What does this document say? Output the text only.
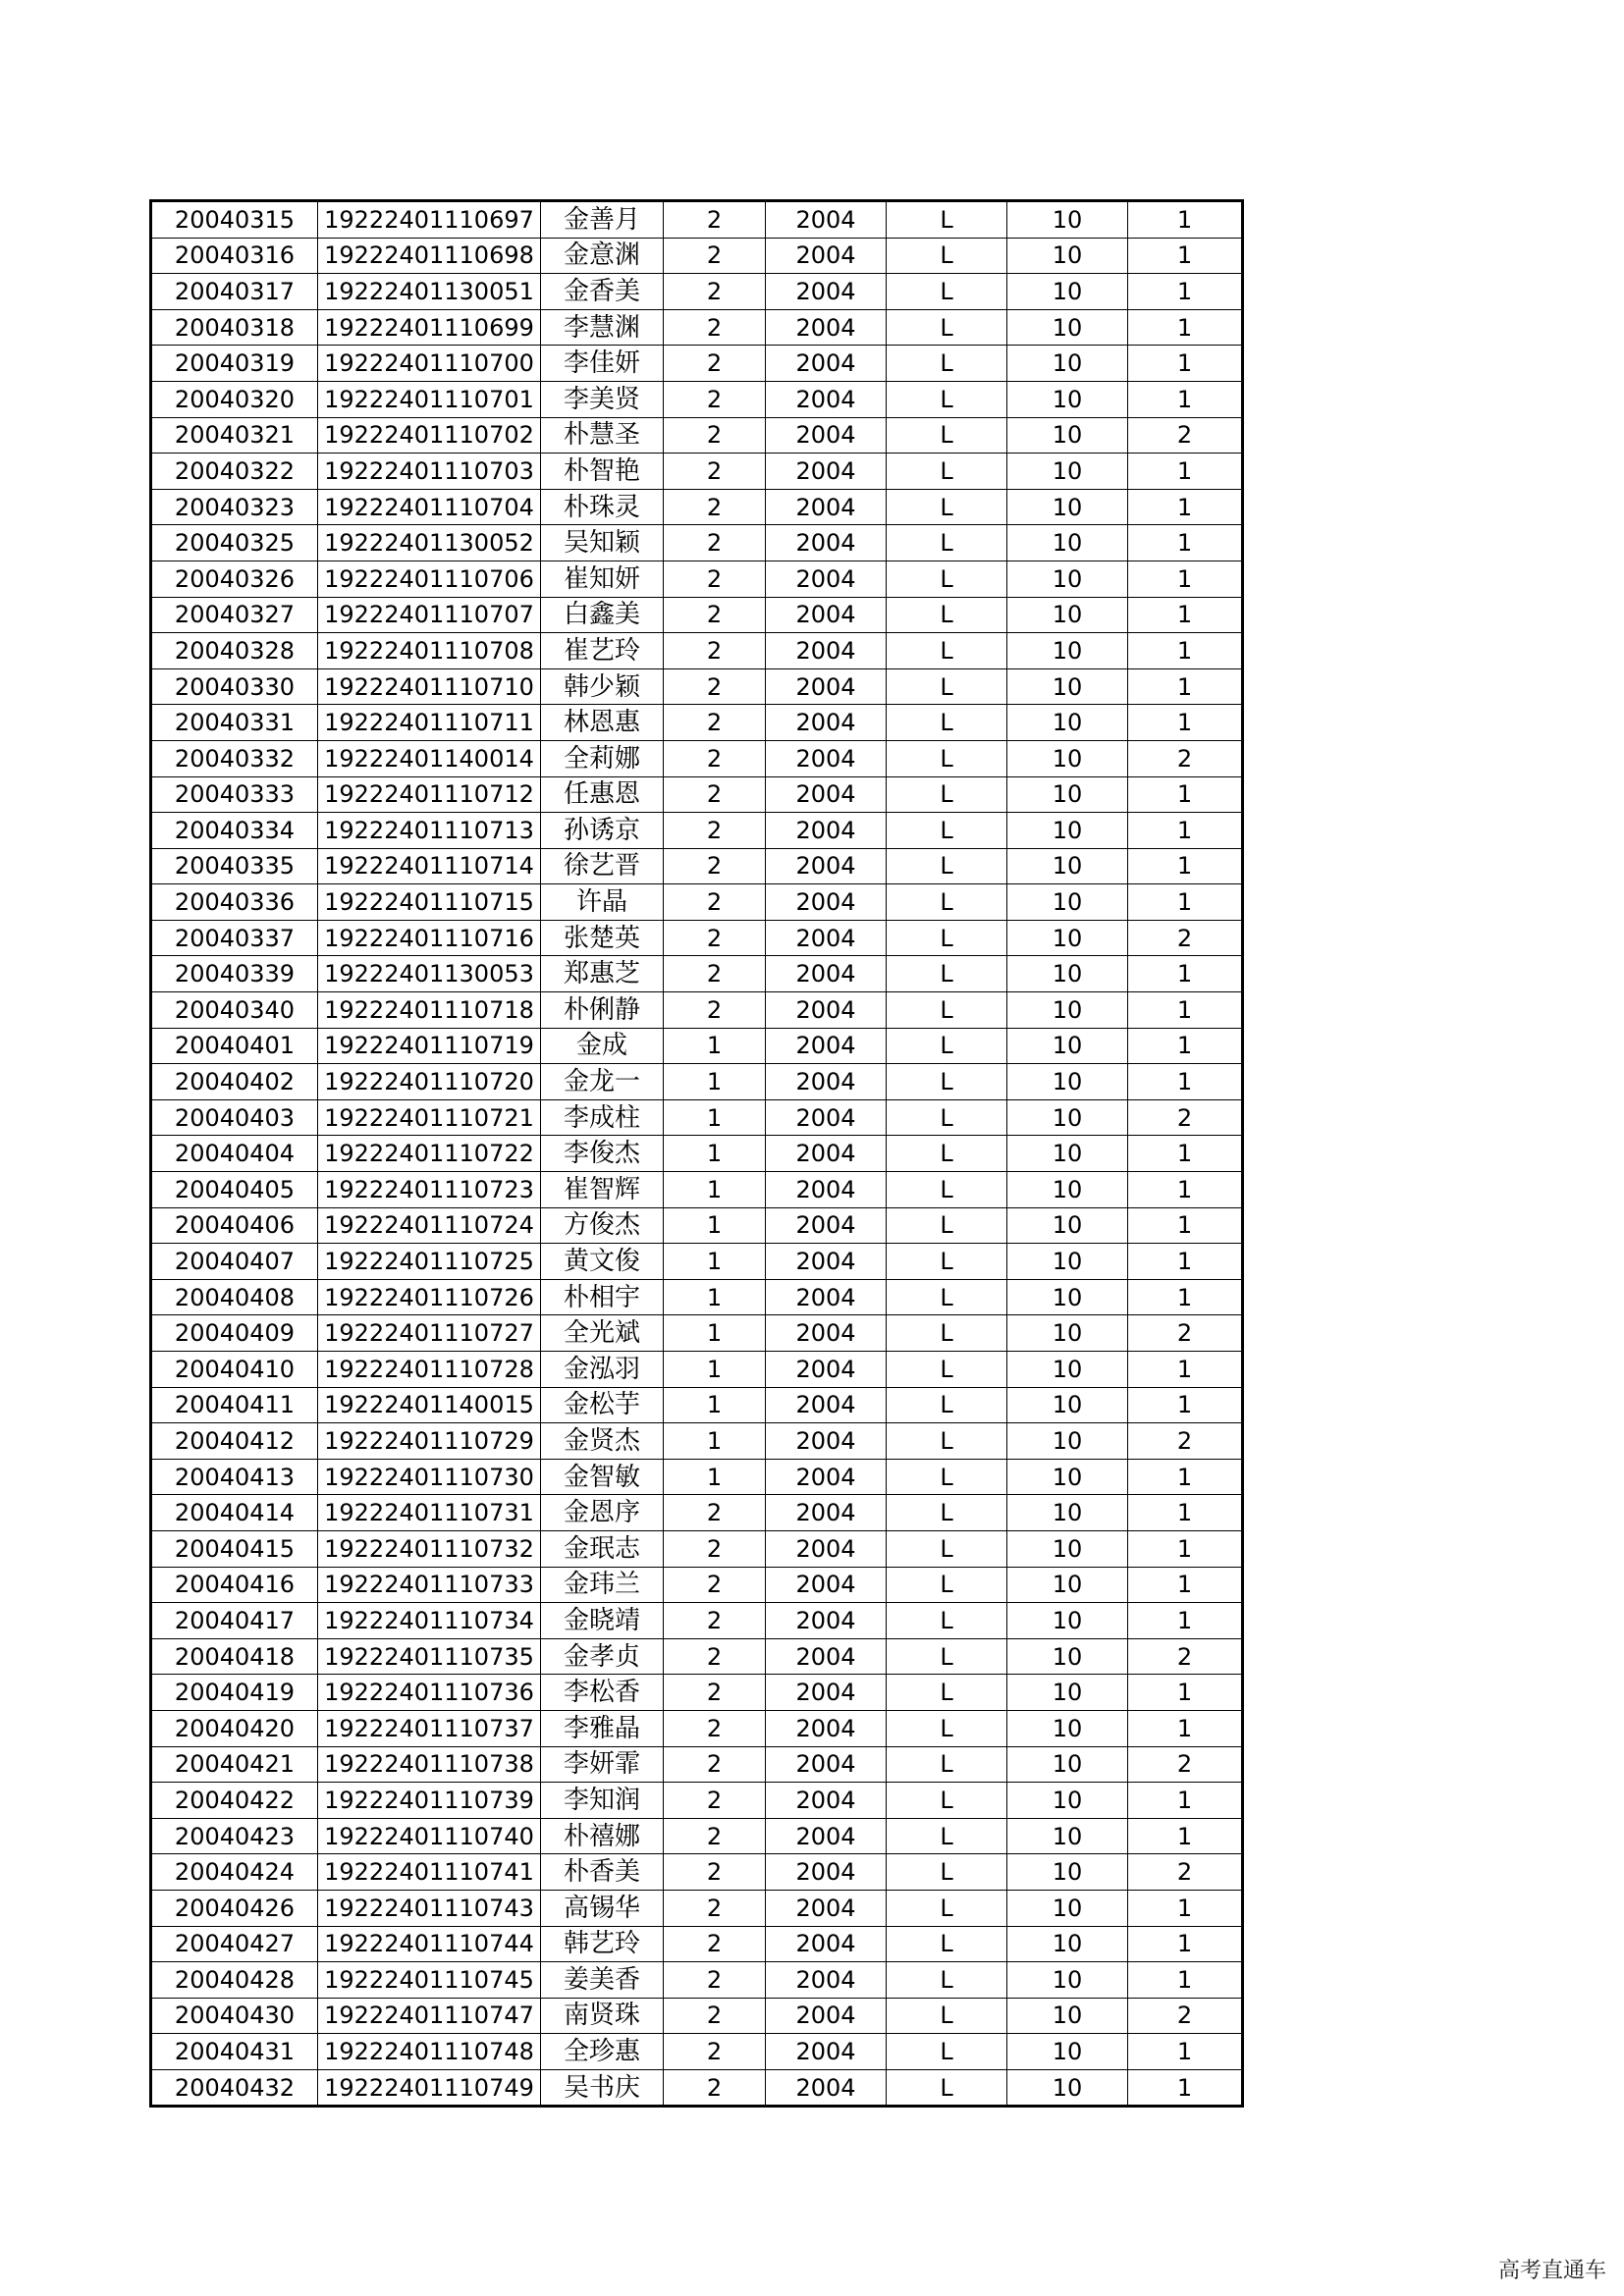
20040315	19222401110697	金善月	2	2004	L	10	1
20040316	19222401110698	金意渊	2	2004	L	10	1
20040317	19222401130051	金香美	2	2004	L	10	1
20040318	19222401110699	李慧渊	2	2004	L	10	1
20040319	19222401110700	李佳妍	2	2004	L	10	1
20040320	19222401110701	李美贤	2	2004	L	10	1
20040321	19222401110702	朴慧圣	2	2004	L	10	2
20040322	19222401110703	朴智艳	2	2004	L	10	1
20040323	19222401110704	朴珠灵	2	2004	L	10	1
20040325	19222401130052	吴知颖	2	2004	L	10	1
20040326	19222401110706	崔知妍	2	2004	L	10	1
20040327	19222401110707	白鑫美	2	2004	L	10	1
20040328	19222401110708	崔艺玲	2	2004	L	10	1
20040330	19222401110710	韩少颖	2	2004	L	10	1
20040331	19222401110711	林恩惠	2	2004	L	10	1
20040332	19222401140014	全莉娜	2	2004	L	10	2
20040333	19222401110712	任惠恩	2	2004	L	10	1
20040334	19222401110713	孙诱京	2	2004	L	10	1
20040335	19222401110714	徐艺晋	2	2004	L	10	1
20040336	19222401110715	许晶	2	2004	L	10	1
20040337	19222401110716	张楚英	2	2004	L	10	2
20040339	19222401130053	郑惠芝	2	2004	L	10	1
20040340	19222401110718	朴俐静	2	2004	L	10	1
20040401	19222401110719	金成	1	2004	L	10	1
20040402	19222401110720	金龙一	1	2004	L	10	1
20040403	19222401110721	李成柱	1	2004	L	10	2
20040404	19222401110722	李俊杰	1	2004	L	10	1
20040405	19222401110723	崔智辉	1	2004	L	10	1
20040406	19222401110724	方俊杰	1	2004	L	10	1
20040407	19222401110725	黄文俊	1	2004	L	10	1
20040408	19222401110726	朴相宇	1	2004	L	10	1
20040409	19222401110727	全光斌	1	2004	L	10	2
20040410	19222401110728	金泓羽	1	2004	L	10	1
20040411	19222401140015	金松芋	1	2004	L	10	1
20040412	19222401110729	金贤杰	1	2004	L	10	2
20040413	19222401110730	金智敏	1	2004	L	10	1
20040414	19222401110731	金恩序	2	2004	L	10	1
20040415	19222401110732	金珉志	2	2004	L	10	1
20040416	19222401110733	金玮兰	2	2004	L	10	1
20040417	19222401110734	金晓靖	2	2004	L	10	1
20040418	19222401110735	金孝贞	2	2004	L	10	2
20040419	19222401110736	李松香	2	2004	L	10	1
20040420	19222401110737	李雅晶	2	2004	L	10	1
20040421	19222401110738	李妍霏	2	2004	L	10	2
20040422	19222401110739	李知润	2	2004	L	10	1
20040423	19222401110740	朴禧娜	2	2004	L	10	1
20040424	19222401110741	朴香美	2	2004	L	10	2
20040426	19222401110743	高锡华	2	2004	L	10	1
20040427	19222401110744	韩艺玲	2	2004	L	10	1
20040428	19222401110745	姜美香	2	2004	L	10	1
20040430	19222401110747	南贤珠	2	2004	L	10	2
20040431	19222401110748	全珍惠	2	2004	L	10	1
20040432	19222401110749	吴书庆	2	2004	L	10	1
高考直通车
